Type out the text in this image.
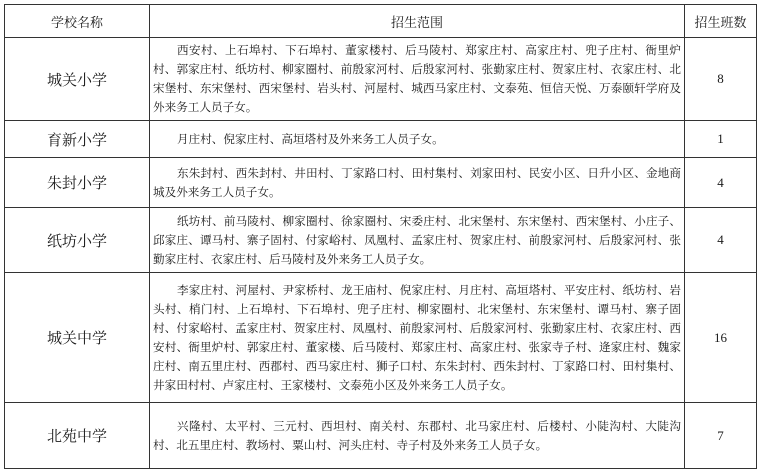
学校名称	招生范围	招生班数
城关小学	西安村、上石埠村、下石埠村、董家楼村、后马陵村、郑家庄村、高家庄村、兜子庄村、衙里炉村、郭家庄村、纸坊村、柳家圈村、前殷家河村、后殷家河村、张勤家庄村、贺家庄村、衣家庄村、北宋堡村、东宋堡村、西宋堡村、岩头村、河屋村、城西马家庄村、文泰苑、恒信天悦、万泰颐轩学府及外来务工人员子女。	8
育新小学	月庄村、倪家庄村、高垣塔村及外来务工人员子女。	1
朱封小学	东朱封村、西朱封村、井田村、丁家路口村、田村集村、刘家田村、民安小区、日升小区、金地商城及外来务工人员子女。	4
纸坊小学	纸坊村、前马陵村、柳家圈村、徐家圈村、宋委庄村、北宋堡村、东宋堡村、西宋堡村、小庄子、邱家庄、谭马村、寨子固村、付家峪村、凤凰村、孟家庄村、贺家庄村、前殷家河村、后殷家河村、张勤家庄村、衣家庄村、后马陵村及外来务工人员子女。	4
城关中学	李家庄村、河屋村、尹家桥村、龙王庙村、倪家庄村、月庄村、高垣塔村、平安庄村、纸坊村、岩头村、梢门村、上石埠村、下石埠村、兜子庄村、柳家圈村、北宋堡村、东宋堡村、谭马村、寨子固村、付家峪村、孟家庄村、贺家庄村、凤凰村、前殷家河村、后殷家河村、张勤家庄村、衣家庄村、西安村、衙里炉村、郭家庄村、董家楼、后马陵村、郑家庄村、高家庄村、张家寺子村、逄家庄村、魏家庄村、南五里庄村、西郡村、西马家庄村、狮子口村、东朱封村、西朱封村、丁家路口村、田村集村、井家田村村、卢家庄村、王家楼村、文泰苑小区及外来务工人员子女。	16
北苑中学	兴隆村、太平村、三元村、西坦村、南关村、东郡村、北马家庄村、后楼村、小陡沟村、大陡沟村、北五里庄村、教场村、粟山村、河头庄村、寺子村及外来务工人员子女。	7
